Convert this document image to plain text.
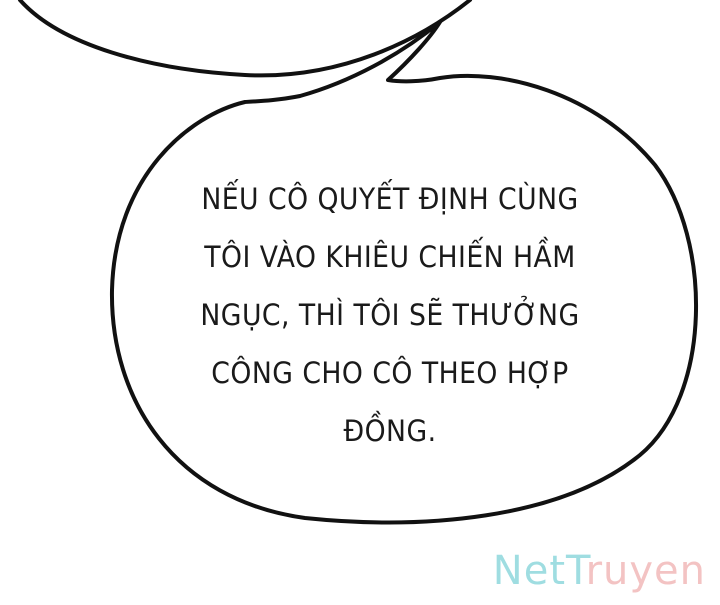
NẾU CÔ QUYẾT ĐỊNH CÙNG
TÔI VÀO KHIÊU CHIẾN HẦM
NGỤC, THÌ TÔI SẼ THƯỞNG
CÔNG CHO CÔ THEO HỢP
ĐỒNG.
NetTruyen
